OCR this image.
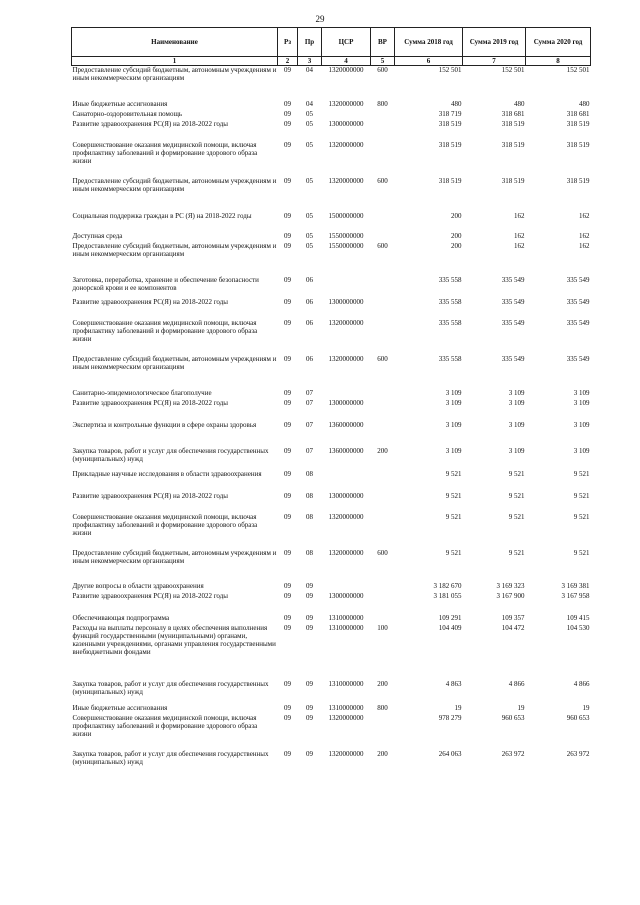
29
Наименование	Рз	Пр	ЦСР	ВР	Сумма 2018 год	Сумма 2019 год	Сумма 2020 год
1	2	3	4	5	6	7	8
Предоставление субсидий бюджетным, автономным учреждениям и иным некоммерческим организациям	09	04	1320000000	600	152 501	152 501	152 501

Иные бюджетные ассигнования	09	04	1320000000	800	480	480	480
Санаторно-оздоровительная помощь	09	05			318 719	318 681	318 681
Развитие здравоохранения РС(Я) на 2018-2022 годы	09	05	1300000000		318 519	318 519	318 519

Совершенствование оказания медицинской помощи, включая профилактику заболеваний и формирование здорового образа жизни	09	05	1320000000		318 519	318 519	318 519

Предоставление субсидий бюджетным, автономным учреждениям и иным некоммерческим организациям	09	05	1320000000	600	318 519	318 519	318 519

Социальная поддержка граждан в РС (Я) на 2018-2022 годы	09	05	1500000000		200	162	162
Доступная среда	09	05	1550000000		200	162	162
Предоставление субсидий бюджетным, автономным учреждениям и иным некоммерческим организациям	09	05	1550000000	600	200	162	162

Заготовка, переработка, хранение и обеспечение безопасности донорской крови и ее компонентов	09	06			335 558	335 549	335 549

Развитие здравоохранения РС(Я) на 2018-2022 годы	09	06	1300000000		335 558	335 549	335 549

Совершенствование оказания медицинской помощи, включая профилактику заболеваний и формирование здорового образа жизни	09	06	1320000000		335 558	335 549	335 549

Предоставление субсидий бюджетным, автономным учреждениям и иным некоммерческим организациям	09	06	1320000000	600	335 558	335 549	335 549

Санитарно-эпидемиологическое благополучие	09	07			3 109	3 109	3 109
Развитие здравоохранения РС(Я) на 2018-2022 годы	09	07	1300000000		3 109	3 109	3 109

Экспертиза и контрольные функции в сфере охраны здоровья	09	07	1360000000		3 109	3 109	3 109

Закупка товаров, работ и услуг для обеспечения государственных (муниципальных) нужд	09	07	1360000000	200	3 109	3 109	3 109

Прикладные научные исследования в области здравоохранения	09	08			9 521	9 521	9 521

Развитие здравоохранения РС(Я) на 2018-2022 годы	09	08	1300000000		9 521	9 521	9 521

Совершенствование оказания медицинской помощи, включая профилактику заболеваний и формирование здорового образа жизни	09	08	1320000000		9 521	9 521	9 521

Предоставление субсидий бюджетным, автономным учреждениям и иным некоммерческим организациям	09	08	1320000000	600	9 521	9 521	9 521

Другие вопросы в области здравоохранения	09	09			3 182 670	3 169 323	3 169 381
Развитие здравоохранения РС(Я) на 2018-2022 годы	09	09	1300000000		3 181 055	3 167 900	3 167 958

Обеспечивающая подпрограмма	09	09	1310000000		109 291	109 357	109 415
Расходы на выплаты персоналу в целях обеспечения выполнения функций государственными (муниципальными) органами, казенными учреждениями, органами управления государственными внебюджетными фондами	09	09	1310000000	100	104 409	104 472	104 530

Закупка товаров, работ и услуг для обеспечения государственных (муниципальных) нужд	09	09	1310000000	200	4 863	4 866	4 866

Иные бюджетные ассигнования	09	09	1310000000	800	19	19	19
Совершенствование оказания медицинской помощи, включая профилактику заболеваний и формирование здорового образа жизни	09	09	1320000000		978 279	960 653	960 653

Закупка товаров, работ и услуг для обеспечения государственных (муниципальных) нужд	09	09	1320000000	200	264 063	263 972	263 972
